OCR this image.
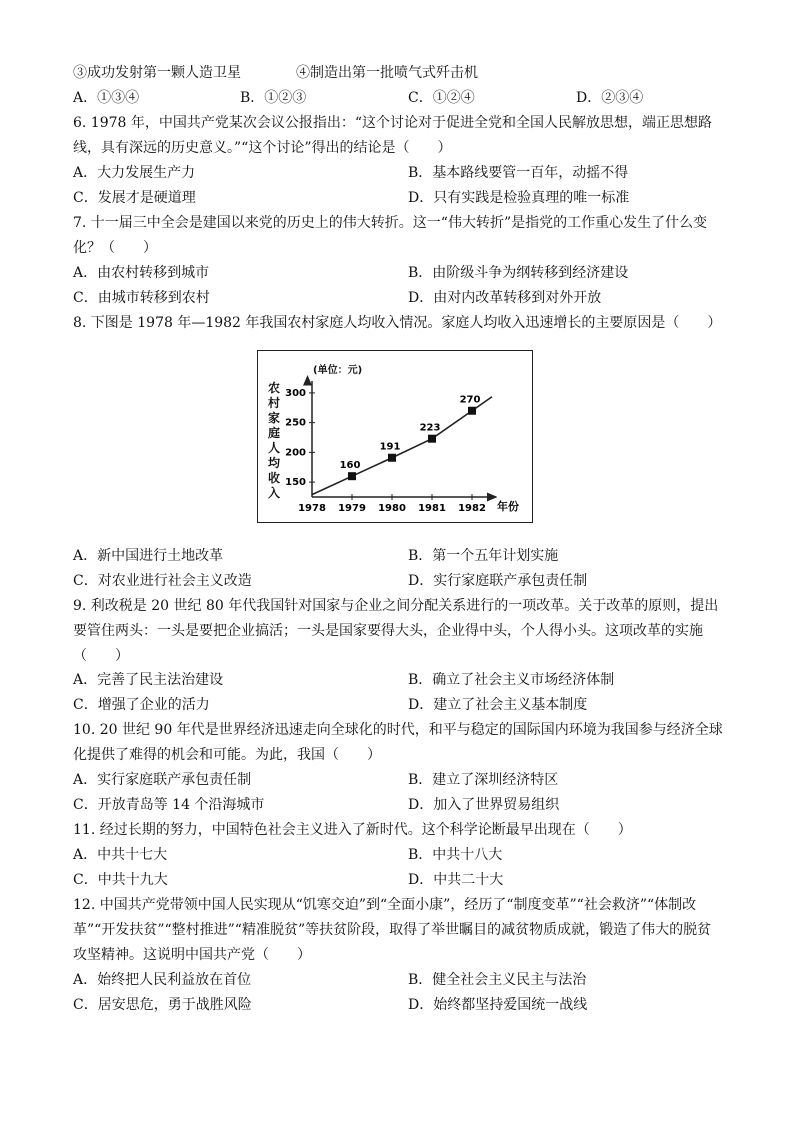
③成功发射第一颗人造卫星	④制造出第一批喷气式歼击机
A．①③④	B．①②③	C．①②④	D．②③④
6. 1978 年，中国共产党某次会议公报指出：“这个讨论对于促进全党和全国人民解放思想，端正思想路线，具有深远的历史意义。”“这个讨论”得出的结论是（　　）
A．大力发展生产力	B．基本路线要管一百年，动摇不得
C．发展才是硬道理	D．只有实践是检验真理的唯一标准
7. 十一届三中全会是建国以来党的历史上的伟大转折。这一“伟大转折”是指党的工作重心发生了什么变化？（　　）
A．由农村转移到城市	B．由阶级斗争为纲转移到经济建设
C．由城市转移到农村	D．由对内改革转移到对外开放
8. 下图是 1978 年—1982 年我国农村家庭人均收入情况。家庭人均收入迅速增长的主要原因是（　　）
(单位：元)
农村家庭人均收入
1978 1979 1980 1981 1982 年份
150
200
250
300
160
191
223
270
A．新中国进行土地改革	B．第一个五年计划实施
C．对农业进行社会主义改造	D．实行家庭联产承包责任制
9. 利改税是 20 世纪 80 年代我国针对国家与企业之间分配关系进行的一项改革。关于改革的原则，提出要管住两头：一头是要把企业搞活；一头是国家要得大头，企业得中头，个人得小头。这项改革的实施（　　）
A．完善了民主法治建设	B．确立了社会主义市场经济体制
C．增强了企业的活力	D．建立了社会主义基本制度
10. 20 世纪 90 年代是世界经济迅速走向全球化的时代，和平与稳定的国际国内环境为我国参与经济全球化提供了难得的机会和可能。为此，我国（　　）
A．实行家庭联产承包责任制	B．建立了深圳经济特区
C．开放青岛等 14 个沿海城市	D．加入了世界贸易组织
11. 经过长期的努力，中国特色社会主义进入了新时代。这个科学论断最早出现在（　　）
A．中共十七大	B．中共十八大
C．中共十九大	D．中共二十大
12. 中国共产党带领中国人民实现从“饥寒交迫”到“全面小康”，经历了“制度变革”“社会救济”“体制改革”“开发扶贫”“整村推进”“精准脱贫”等扶贫阶段，取得了举世瞩目的减贫物质成就，锻造了伟大的脱贫攻坚精神。这说明中国共产党（　　）
A．始终把人民利益放在首位	B．健全社会主义民主与法治
C．居安思危，勇于战胜风险	D．始终都坚持爱国统一战线
